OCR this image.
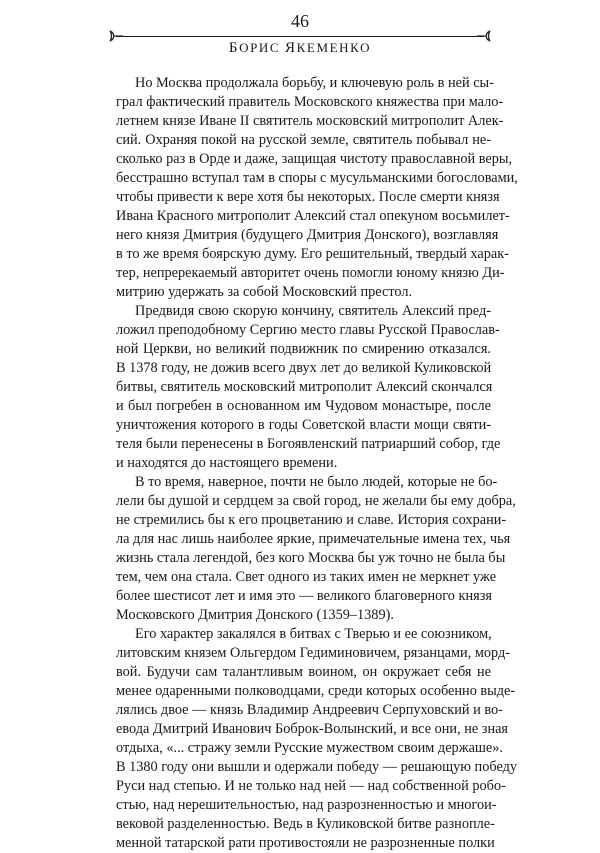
46
БОРИС ЯКЕМЕНКО
Но Москва продолжала борьбу, и ключевую роль в ней сы-
грал фактический правитель Московского княжества при мало-
летнем князе Иване II святитель московский митрополит Алек-
сий. Охраняя покой на русской земле, святитель побывал не-
сколько раз в Орде и даже, защищая чистоту православной веры,
бесстрашно вступал там в споры с мусульманскими богословами,
чтобы привести к вере хотя бы некоторых. После смерти князя
Ивана Красного митрополит Алексий стал опекуном восьмилет-
него князя Дмитрия (будущего Дмитрия Донского), возглавляя
в то же время боярскую думу. Его решительный, твердый харак-
тер, непререкаемый авторитет очень помогли юному князю Ди-
митрию удержать за собой Московский престол.
Предвидя свою скорую кончину, святитель Алексий пред-
ложил преподобному Сергию место главы Русской Православ-
ной Церкви, но великий подвижник по смирению отказался.
В 1378 году, не дожив всего двух лет до великой Куликовской
битвы, святитель московский митрополит Алексий скончался
и был погребен в основанном им Чудовом монастыре, после
уничтожения которого в годы Советской власти мощи святи-
теля были перенесены в Богоявленский патриарший собор, где
и находятся до настоящего времени.
В то время, наверное, почти не было людей, которые не бо-
лели бы душой и сердцем за свой город, не желали бы ему добра,
не стремились бы к его процветанию и славе. История сохрани-
ла для нас лишь наиболее яркие, примечательные имена тех, чья
жизнь стала легендой, без кого Москва бы уж точно не была бы
тем, чем она стала. Свет одного из таких имен не меркнет уже
более шестисот лет и имя это — великого благоверного князя
Московского Дмитрия Донского (1359–1389).
Его характер закалялся в битвах с Тверью и ее союзником,
литовским князем Ольгердом Гедиминовичем, рязанцами, морд-
вой. Будучи сам талантливым воином, он окружает себя не
менее одаренными полководцами, среди которых особенно выде-
лялись двое — князь Владимир Андреевич Серпуховский и во-
евода Дмитрий Иванович Боброк-Волынский, и все они, не зная
отдыха, «... стражу земли Русские мужеством своим держаше».
В 1380 году они вышли и одержали победу — решающую победу
Руси над степью. И не только над ней — над собственной робо-
стью, над нерешительностью, над разрозненностью и многои-
вековой разделенностью. Ведь в Куликовской битве разнопле-
менной татарской рати противостояли не разрозненные полки
